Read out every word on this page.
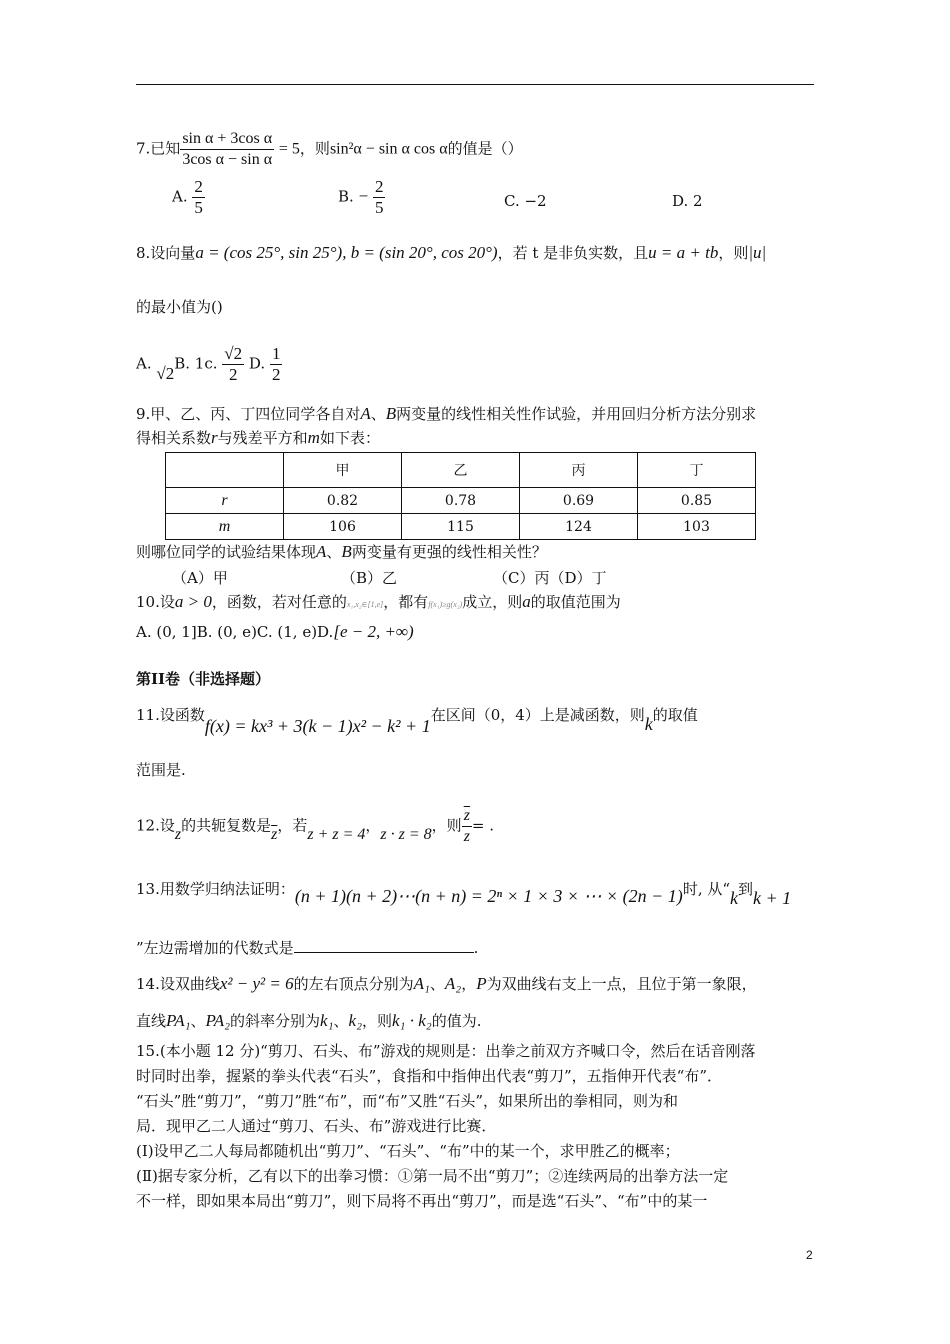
7.已知 $\frac{\text{sin α + 3cos α}}{\text{3cos α − sin α}} = 5$，则sin²α − sin α cos α的值是（）
A. $\frac{2}{5}$	B. − $\frac{2}{5}$	C. −2	D. 2
8.设向量a = (cos 25°, sin 25°), b = (sin 20°, cos 20°)，若 t 是非负实数，且u = a + tb，则|u|
的最小值为()
A. √2B. 1c. $\frac{√2}{2} D$. $\frac{1}{2}$
9.甲、乙、丙、丁四位同学各自对A、B两变量的线性相关性作试验，并用回归分析方法分别求
得相关系数r与残差平方和m如下表：
	甲	乙	丙	丁
r	0.82	0.78	0.69	0.85
m	106	115	124	103
则哪位同学的试验结果体现A、B两变量有更强的线性相关性？
（A）甲	（B）乙	（C）丙（D）丁
10.设a > 0，函数，若对任意的x₁,x₂∈[1,e]，都有f(x₁)≥g(x₂)成立，则a的取值范围为
A. (0, 1]B. (0, e)C. (1, e)D.[e − 2, +∞)
第II卷（非选择题）
11.设函数f(x) = kx³ + 3(k − 1)x² − k² + 1在区间（0，4）上是减函数，则k的取值
范围是.
12.设z的共轭复数是$\overline{z}$，若z + z = 4，z · z = 8，则 $\frac{\overline{z}}{z}$ = .
13.用数学归纳法证明：(n + 1)(n + 2)⋯(n + n) = 2ⁿ × 1 × 3 × ⋯ × (2n − 1)时, 从“k到k + 1
”左边需增加的代数式是	.
14.设双曲线x² − y² = 6的左右顶点分别为A₁、A₂，P为双曲线右支上一点，且位于第一象限，
直线PA₁、PA₂的斜率分别为k₁、k₂，则k₁ · k₂的值为.
15.(本小题 12 分)“剪刀、石头、布”游戏的规则是：出拳之前双方齐喊口令，然后在话音刚落
时同时出拳，握紧的拳头代表“石头”，食指和中指伸出代表“剪刀”，五指伸开代表“布”．
“石头”胜“剪刀”，“剪刀”胜“布”，而“布”又胜“石头”，如果所出的拳相同，则为和
局．现甲乙二人通过“剪刀、石头、布”游戏进行比赛．
(Ⅰ)设甲乙二人每局都随机出“剪刀”、“石头”、“布”中的某一个，求甲胜乙的概率；
(Ⅱ)据专家分析，乙有以下的出拳习惯：①第一局不出“剪刀”；②连续两局的出拳方法一定
不一样，即如果本局出“剪刀”，则下局将不再出“剪刀”，而是选“石头”、“布”中的某一
2
